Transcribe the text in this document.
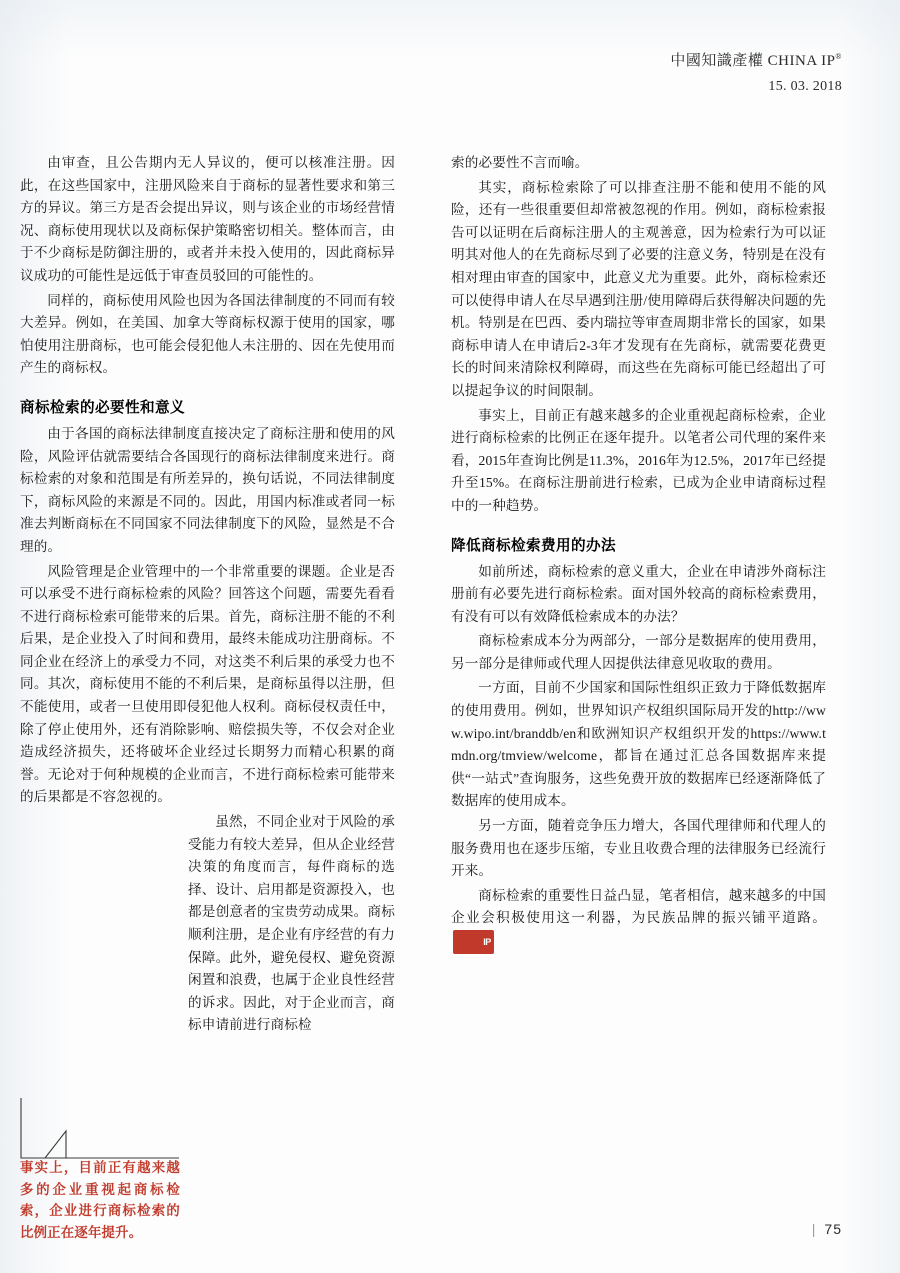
中國知識產權 CHINA IP®
15. 03. 2018

由审查，且公告期内无人异议的，便可以核准注册。因此，在这些国家中，注册风险来自于商标的显著性要求和第三方的异议。第三方是否会提出异议，则与该企业的市场经营情况、商标使用现状以及商标保护策略密切相关。整体而言，由于不少商标是防御注册的，或者并未投入使用的，因此商标异议成功的可能性是远低于审查员驳回的可能性的。

同样的，商标使用风险也因为各国法律制度的不同而有较大差异。例如，在美国、加拿大等商标权源于使用的国家，哪怕使用注册商标，也可能会侵犯他人未注册的、因在先使用而产生的商标权。

商标检索的必要性和意义

由于各国的商标法律制度直接决定了商标注册和使用的风险，风险评估就需要结合各国现行的商标法律制度来进行。商标检索的对象和范围是有所差异的，换句话说，不同法律制度下，商标风险的来源是不同的。因此，用国内标准或者同一标准去判断商标在不同国家不同法律制度下的风险，显然是不合理的。

风险管理是企业管理中的一个非常重要的课题。企业是否可以承受不进行商标检索的风险？回答这个问题，需要先看看不进行商标检索可能带来的后果。首先，商标注册不能的不利后果，是企业投入了时间和费用，最终未能成功注册商标。不同企业在经济上的承受力不同，对这类不利后果的承受力也不同。其次，商标使用不能的不利后果，是商标虽得以注册，但不能使用，或者一旦使用即侵犯他人权利。商标侵权责任中，除了停止使用外，还有消除影响、赔偿损失等，不仅会对企业造成经济损失，还将破坏企业经过长期努力而精心积累的商誉。无论对于何种规模的企业而言，不进行商标检索可能带来的后果都是不容忽视的。

事实上，目前正有越来越多的企业重视起商标检索，企业进行商标检索的比例正在逐年提升。

虽然，不同企业对于风险的承受能力有较大差异，但从企业经营决策的角度而言，每件商标的选择、设计、启用都是资源投入，也都是创意者的宝贵劳动成果。商标顺利注册，是企业有序经营的有力保障。此外，避免侵权、避免资源闲置和浪费，也属于企业良性经营的诉求。因此，对于企业而言，商标申请前进行商标检

索的必要性不言而喻。

其实，商标检索除了可以排查注册不能和使用不能的风险，还有一些很重要但却常被忽视的作用。例如，商标检索报告可以证明在后商标注册人的主观善意，因为检索行为可以证明其对他人的在先商标尽到了必要的注意义务，特别是在没有相对理由审查的国家中，此意义尤为重要。此外，商标检索还可以使得申请人在尽早遇到注册/使用障碍后获得解决问题的先机。特别是在巴西、委内瑞拉等审查周期非常长的国家，如果商标申请人在申请后2-3年才发现有在先商标，就需要花费更长的时间来清除权利障碍，而这些在先商标可能已经超出了可以提起争议的时间限制。

事实上，目前正有越来越多的企业重视起商标检索，企业进行商标检索的比例正在逐年提升。以笔者公司代理的案件来看，2015年查询比例是11.3%，2016年为12.5%，2017年已经提升至15%。在商标注册前进行检索，已成为企业申请商标过程中的一种趋势。

降低商标检索费用的办法

如前所述，商标检索的意义重大，企业在申请涉外商标注册前有必要先进行商标检索。面对国外较高的商标检索费用，有没有可以有效降低检索成本的办法？

商标检索成本分为两部分，一部分是数据库的使用费用，另一部分是律师或代理人因提供法律意见收取的费用。

一方面，目前不少国家和国际性组织正致力于降低数据库的使用费用。例如，世界知识产权组织国际局开发的http://www.wipo.int/branddb/en和欧洲知识产权组织开发的https://www.tmdn.org/tmview/welcome，都旨在通过汇总各国数据库来提供“一站式”查询服务，这些免费开放的数据库已经逐渐降低了数据库的使用成本。

另一方面，随着竞争压力增大，各国代理律师和代理人的服务费用也在逐步压缩，专业且收费合理的法律服务已经流行开来。

商标检索的重要性日益凸显，笔者相信，越来越多的中国企业会积极使用这一利器，为民族品牌的振兴铺平道路。IP

| 75
